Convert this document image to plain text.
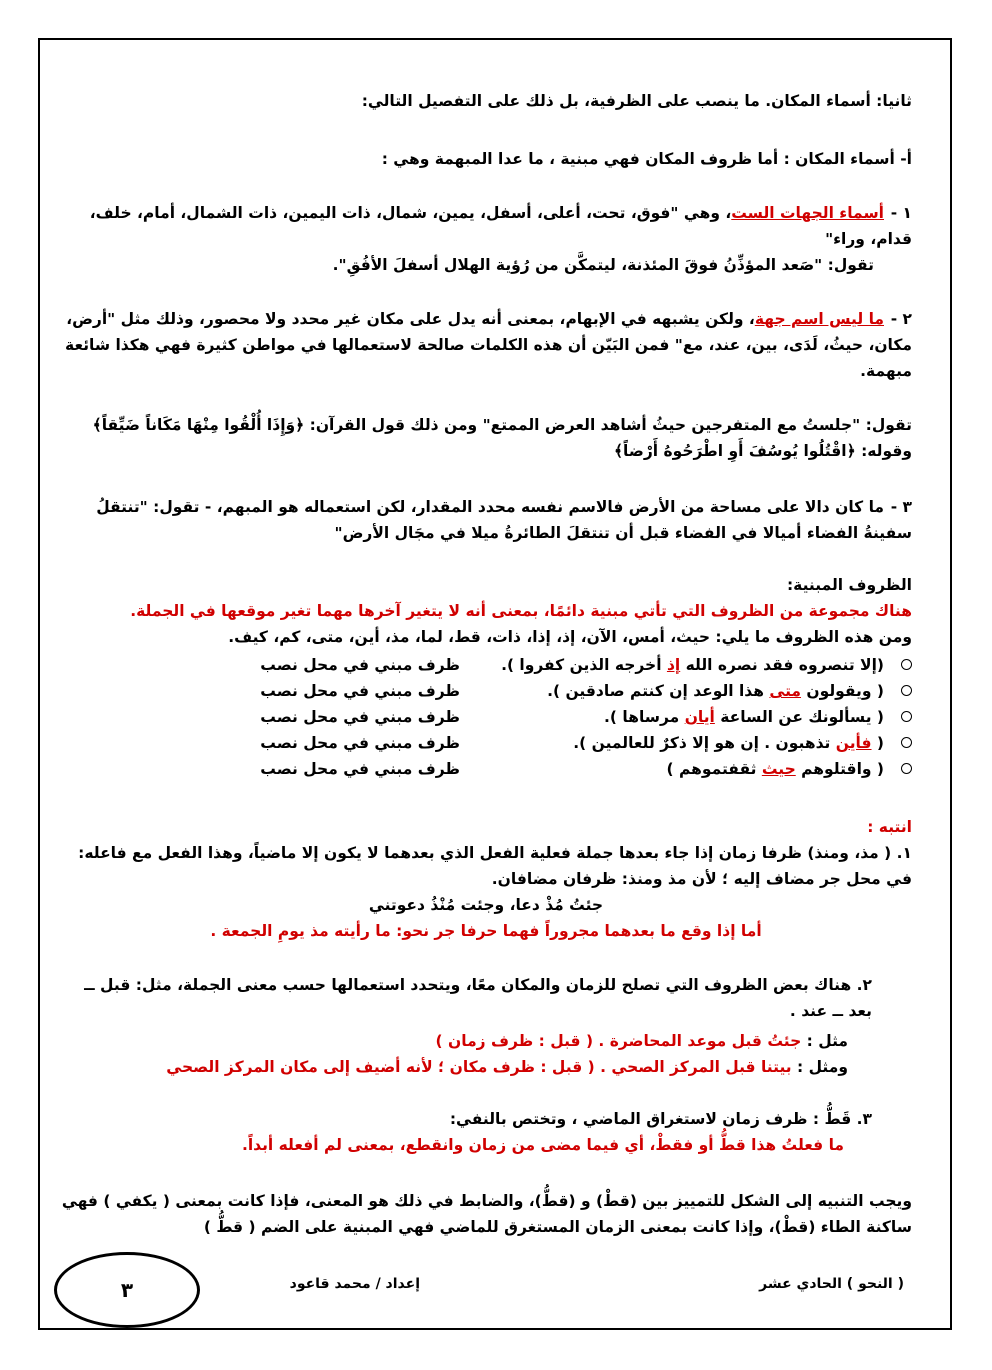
ثانيا: أسماء المكان. ما ينصب على الظرفية، بل ذلك على التفصيل التالي:
أ- أسماء المكان : أما ظروف المكان فهي مبنية ، ما عدا المبهمة وهي :
١ -أسماء الجهات الست، وهي "فوق، تحت، أعلى، أسفل، يمين، شمال، ذات اليمين، ذات الشمال، أمام، خلف، قدام، وراء"
تقول: "صَعد المؤذِّنُ فوقَ المئذنة، ليتمكَّن من رُؤية الهلال أسفلَ الأفُقِ".
٢ -ما ليس اسم جهة، ولكن يشبهه في الإبهام، بمعنى أنه يدل على مكان غير محدد ولا محصور، وذلك مثل "أرض، مكان، حيثُ، لَدَى، بين، عند، مع" فمن البَيّن أن هذه الكلمات صالحة لاستعمالها في مواطن كثيرة فهي هكذا شائعة مبهمة.
تقول: "جلستُ مع المتفرجين حيثُ أشاهد العرض الممتع" ومن ذلك قول القرآن: ﴿وَإِذَا أُلْقُوا مِنْهَا مَكَاناً ضَيِّقاً﴾ وقوله: ﴿اقْتُلُوا يُوسُفَ أَوِ اطْرَحُوهُ أَرْضاً﴾
٣ -ما كان دالا على مساحة من الأرض فالاسم نفسه محدد المقدار، لكن استعماله هو المبهم، - تقول: "تنتقلُ سفينةُ الفضاء أميالا في الفضاء قبل أن تنتقلَ الطائرةُ ميلا في مجَال الأرض"
الظروف المبنية:
هناك مجموعة من الظروف التي تأتي مبنية دائمًا، بمعنى أنه لا يتغير آخرها مهما تغير موقعها في الجملة.
ومن هذه الظروف ما يلي: حيث، أمس، الآن، إذ، إذا، ذات، قط، لما، مذ، أين، متى، كم، كيف.
(إلا تنصروه فقد نصره الله إذ أخرجه الذين كفروا ).
ظرف مبني في محل نصب
( ويقولون متى هذا الوعد إن كنتم صادقين ).
ظرف مبني في محل نصب
( يسألونك عن الساعة أيان مرساها ).
ظرف مبني في محل نصب
( فأين تذهبون . إن هو إلا ذكرٌ للعالمين ).
ظرف مبني في محل نصب
( واقتلوهم حيث ثقفتموهم )
ظرف مبني في محل نصب
انتبه :
١. ( مذ، ومنذ) ظرفا زمان إذا جاء بعدها جملة فعلية الفعل الذي بعدهما لا يكون إلا ماضياً، وهذا الفعل مع فاعله: في محل جر مضاف إليه ؛ لأن مذ ومنذ: ظرفان مضافان.
جئتُ مُذْ دعا، وجئت مُنْذُ دعوتني
أما إذا وقع ما بعدهما مجروراً فهما حرفا جر نحو: ما رأيته مذ يومِ الجمعة .
٢. هناك بعض الظروف التي تصلح للزمان والمكان معًا، ويتحدد استعمالها حسب معنى الجملة، مثل: قبل ــ بعد ــ عند .
مثل : جئتُ قبل موعد المحاضرة . ( قبل : ظرف زمان )
ومثل : بيتنا قبل المركز الصحي . ( قبل : ظرف مكان ؛ لأنه أضيف إلى مكان المركز الصحي
٣. قَطُّ : ظرف زمان لاستغراق الماضي ، وتختص بالنفي:
ما فعلتُ هذا قطُّ أو فقطْ، أي فيما مضى من زمان وانقطع، بمعنى لم أفعله أبداً.
ويجب التنبيه إلى الشكل للتمييز بين (قطْ) و (قطُّ)، والضابط في ذلك هو المعنى، فإذا كانت بمعنى ( يكفي ) فهي ساكنة الطاء (قطْ)، وإذا كانت بمعنى الزمان المستغرق للماضي فهي المبنية على الضم ( قطُّ )
( النحو ) الحادي عشر
إعداد / محمد قاعود
٣
